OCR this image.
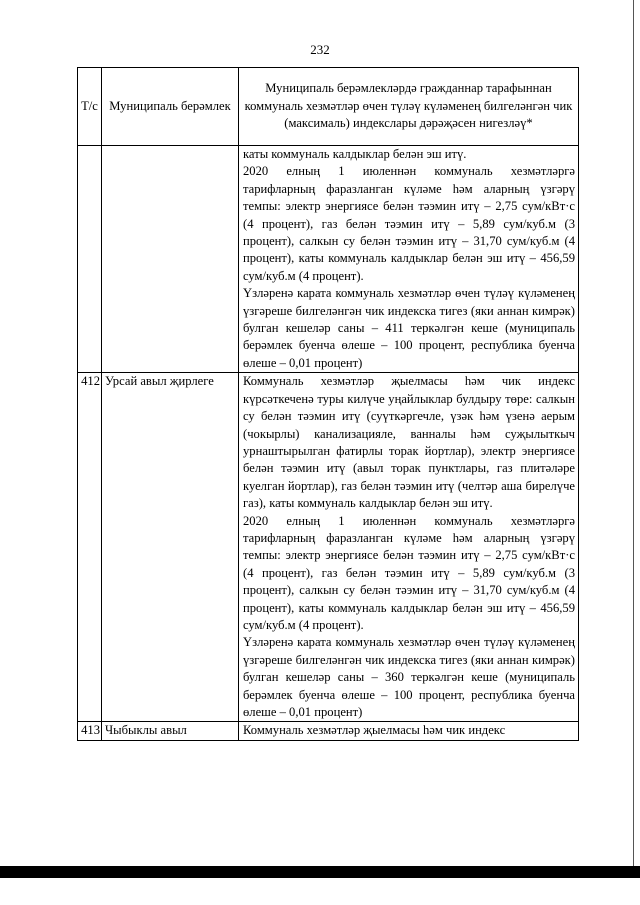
232
Т/с	Муниципаль берәмлек	Муниципаль берәмлекләрдә гражданнар тарафыннан коммуналь хезмәтләр өчен түләү күләменең билгеләнгән чик (максималь) индекслары дәрәҗәсен нигезләү*

		каты коммуналь калдыклар белән эш итү.
2020 елның 1 июленнән коммуналь хезмәтләргә тарифларның фаразланган күләме һәм аларның үзгәрү темпы: электр энергиясе белән тәэмин итү – 2,75 сум/кВт·с (4 процент), газ белән тәэмин итү – 5,89 сум/куб.м (3 процент), салкын су белән тәэмин итү – 31,70 сум/куб.м (4 процент), каты коммуналь калдыклар белән эш итү – 456,59 сум/куб.м (4 процент).
Үзләренә карата коммуналь хезмәтләр өчен түләү күләменең үзгәреше билгеләнгән чик индекска тигез (яки аннан кимрәк) булган кешеләр саны – 411 теркәлгән кеше (муниципаль берәмлек буенча өлеше – 100 процент, республика буенча өлеше – 0,01 процент)

412	Урсай авыл җирлеге	Коммуналь хезмәтләр җыелмасы һәм чик индекс күрсәткеченә туры килүче уңайлыклар булдыру төре: салкын су белән тәэмин итү (суүткәргечле, үзәк һәм үзенә аерым (чокырлы) канализацияле, ванналы һәм суҗылыткыч урнаштырылган фатирлы торак йортлар), электр энергиясе белән тәэмин итү (авыл торак пунктлары, газ плитәләре куелган йортлар), газ белән тәэмин итү (челтәр аша бирелүче газ), каты коммуналь калдыклар белән эш итү.
2020 елның 1 июленнән коммуналь хезмәтләргә тарифларның фаразланган күләме һәм аларның үзгәрү темпы: электр энергиясе белән тәэмин итү – 2,75 сум/кВт·с (4 процент), газ белән тәэмин итү – 5,89 сум/куб.м (3 процент), салкын су белән тәэмин итү – 31,70 сум/куб.м (4 процент), каты коммуналь калдыклар белән эш итү – 456,59 сум/куб.м (4 процент).
Үзләренә карата коммуналь хезмәтләр өчен түләү күләменең үзгәреше билгеләнгән чик индекска тигез (яки аннан кимрәк) булган кешеләр саны – 360 теркәлгән кеше (муниципаль берәмлек буенча өлеше – 100 процент, республика буенча өлеше – 0,01 процент)

413	Чыбыклы авыл	Коммуналь хезмәтләр җыелмасы һәм чик индекс
